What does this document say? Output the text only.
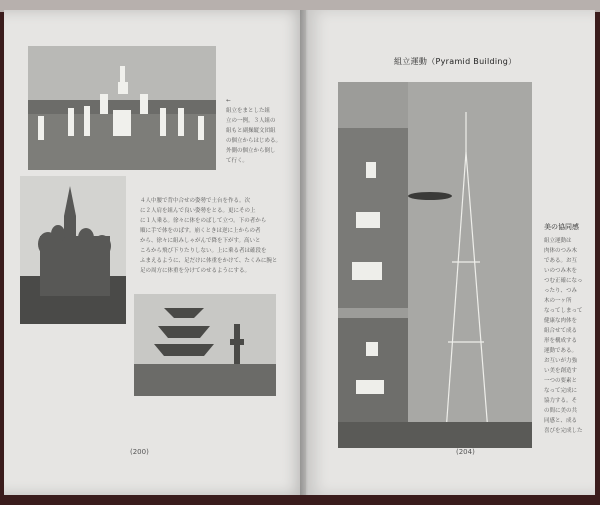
←
組立をまとした組
立の一例。３人組の
組もと副操縦文団組
の個立からはじめる。
外側の個立から倒し
て行く。
４人中腰で背中合せの姿勢で土台を作る。次
に２人肩を組んで良い姿勢をとる。更にその上
に１人乗る。徐々に体をのばして立つ。下の者から
順に手で体をのばす。崩くときは逆に上からの者
から、徐々に組みしゃがんで降を下がす。高いと
ころから飛び下りたりしない。上に乗る者は確段を
ふまえるように、足だけに体重をかけて、たくみに腕と
足の周方に体重を分けてのせるようにする。
(200)
組立運動（Pyramid Building）
美の協同感
組立運動は
肉体のつみ木
である。お互
いのつみ木を
つむ正確になっ
ったり、つみ
木の一ヶ所
なってしまって
健康な肉体を
組合せて成る
形を構成する
運動である。
お互いが力強
い美を創造す
一つの要素と
なって完成に
協力する。そ
の間に美の共
同感と、成る
喜びを完成した
(204)
